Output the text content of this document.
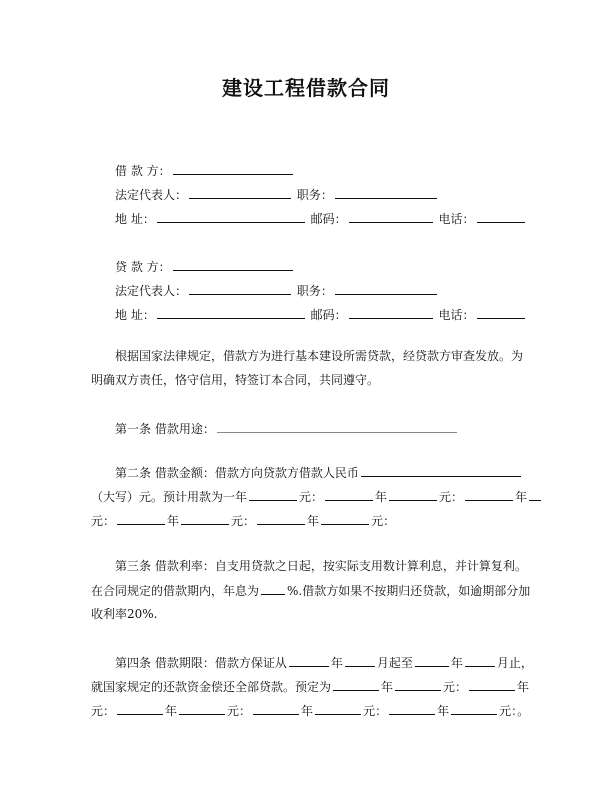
建设工程借款合同
借 款 方：
法定代表人：	职务：
地 址：	邮码：	电话：
贷 款 方：
法定代表人：	职务：
地 址：	邮码：	电话：
根据国家法律规定，借款方为进行基本建设所需贷款，经贷款方审查发放。为
明确双方责任，恪守信用，特签订本合同，共同遵守。
第一条 借款用途：
第二条 借款金额：借款方向贷款方借款人民币
（大写）元。预计用款为一年	元：	年	元：	年
元：	年	元：	年	元：
第三条 借款利率：自支用贷款之日起，按实际支用数计算利息，并计算复利。
在合同规定的借款期内，年息为 %.借款方如果不按期归还贷款，如逾期部分加
收利率20%.
第四条 借款期限：借款方保证从	年	月起至	年	月止，
就国家规定的还款资金偿还全部贷款。预定为	年	元：	年
元：	年	元：	年	元：	年	元：。
